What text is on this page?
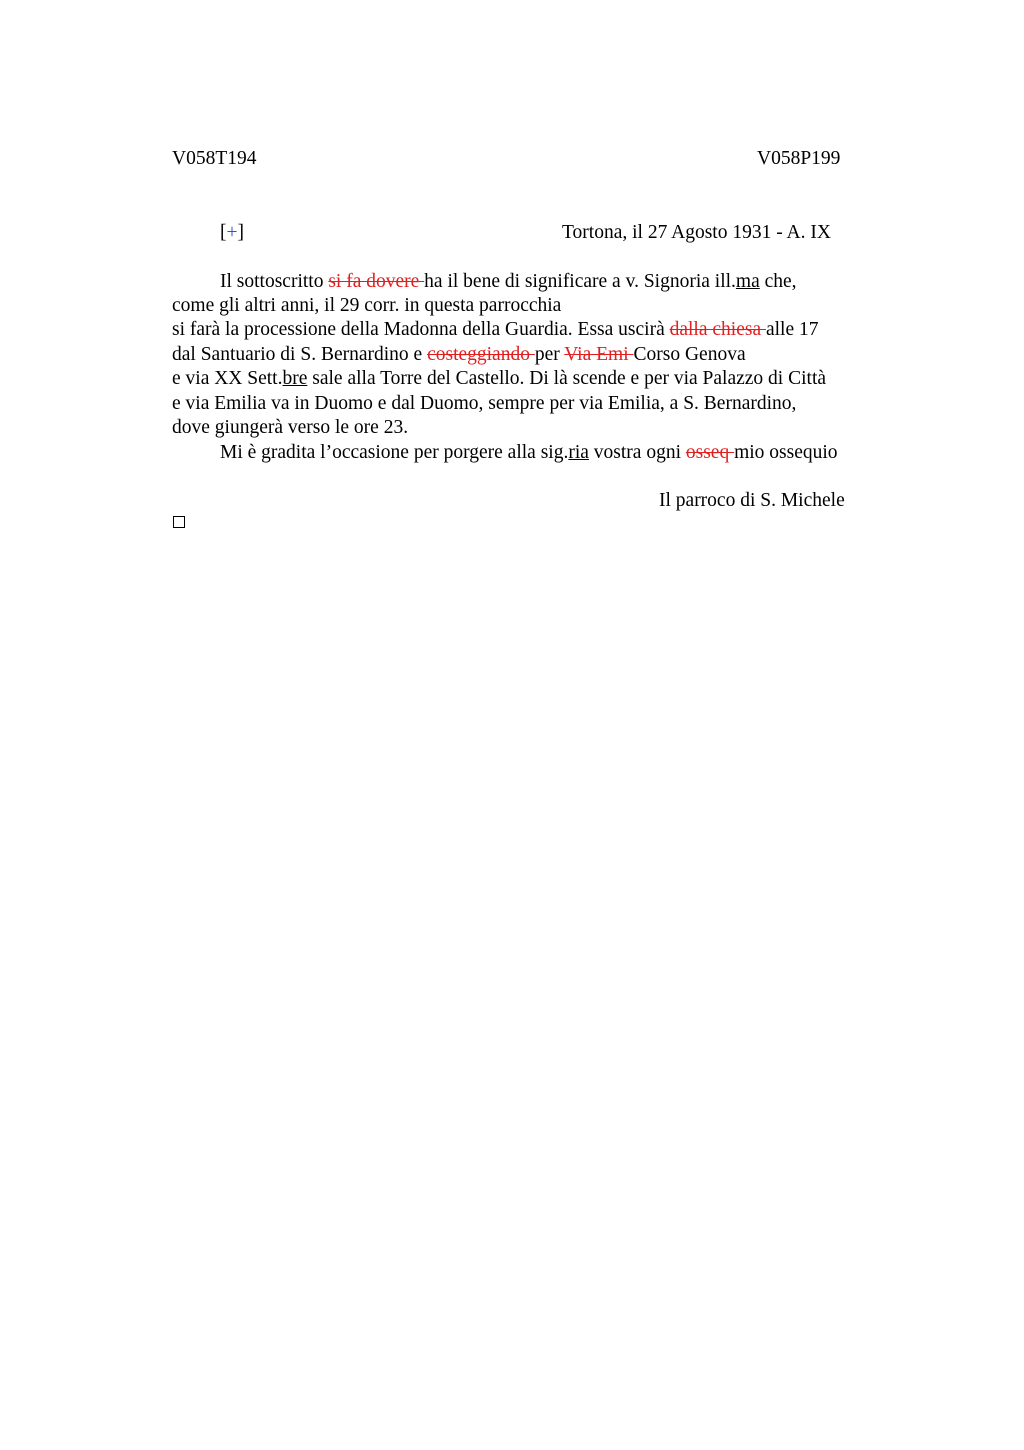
V058T194	V058P199
[+]	Tortona, il 27 Agosto 1931 - A. IX
Il sottoscritto si fa dovere ha il bene di significare a v. Signoria ill.ma che,
come gli altri anni, il 29 corr. in questa parrocchia
si farà la processione della Madonna della Guardia. Essa uscirà dalla chiesa alle 17
dal Santuario di S. Bernardino e costeggiando per Via Emi Corso Genova
e via XX Sett.bre sale alla Torre del Castello. Di là scende e per via Palazzo di Città
e via Emilia va in Duomo e dal Duomo, sempre per via Emilia, a S. Bernardino,
dove giungerà verso le ore 23.
Mi è gradita l’occasione per porgere alla sig.ria vostra ogni osseq mio ossequio
Il parroco di S. Michele
